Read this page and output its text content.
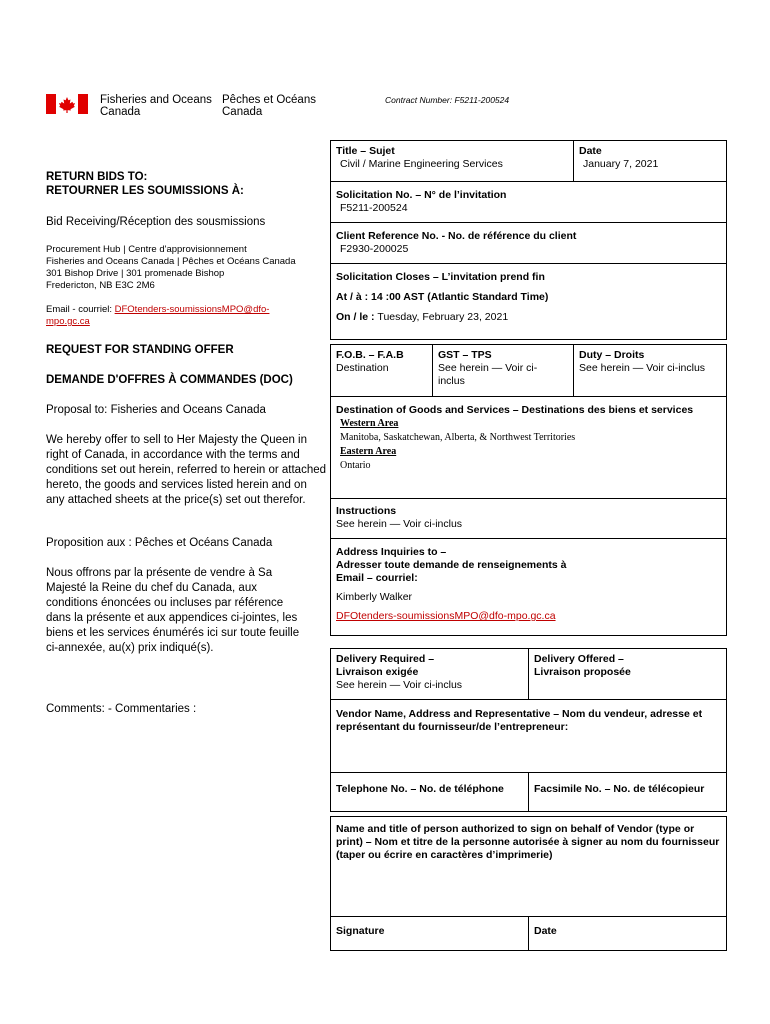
Fisheries and Oceans
Canada
Pêches et Océans
Canada
Contract Number: F5211-200524
RETURN BIDS TO:
RETOURNER LES SOUMISSIONS À:
Bid Receiving/Réception des sousmissions
Procurement Hub | Centre d'approvisionnement
Fisheries and Oceans Canada | Pêches et Océans Canada
301 Bishop Drive | 301 promenade Bishop
Fredericton, NB E3C 2M6
Email - courriel: DFOtenders-soumissionsMPO@dfo-mpo.gc.ca
REQUEST FOR STANDING OFFER
DEMANDE D'OFFRES À COMMANDES (DOC)
Proposal to: Fisheries and Oceans Canada
We hereby offer to sell to Her Majesty the Queen in right of Canada, in accordance with the terms and conditions set out herein, referred to herein or attached hereto, the goods and services listed herein and on any attached sheets at the price(s) set out therefor.
Proposition aux : Pêches et Océans Canada
Nous offrons par la présente de vendre à Sa Majesté la Reine du chef du Canada, aux conditions énoncées ou incluses par référence dans la présente et aux appendices ci-jointes, les biens et les services énumérés ici sur toute feuille ci-annexée, au(x) prix indiqué(s).
Comments: - Commentaries :
Title – Sujet
Civil / Marine Engineering Services
Date
January 7, 2021
Solicitation No. – N° de l’invitation
F5211-200524
Client Reference No. - No. de référence du client
F2930-200025
Solicitation Closes – L’invitation prend fin
At / à : 14 :00 AST (Atlantic Standard Time)
On / le : Tuesday, February 23, 2021
F.O.B. – F.A.B
Destination
GST – TPS
See herein — Voir ci-inclus
Duty – Droits
See herein — Voir ci-inclus
Destination of Goods and Services – Destinations des biens et services
Western Area
Manitoba, Saskatchewan, Alberta, & Northwest Territories
Eastern Area
Ontario
Instructions
See herein — Voir ci-inclus
Address Inquiries to –
Adresser toute demande de renseignements à
Email – courriel:
Kimberly Walker
DFOtenders-soumissionsMPO@dfo-mpo.gc.ca
Delivery Required –
Livraison exigée
See herein — Voir ci-inclus
Delivery Offered –
Livraison proposée
Vendor Name, Address and Representative – Nom du vendeur, adresse et représentant du fournisseur/de l’entrepreneur:
Telephone No. – No. de téléphone	Facsimile No. – No. de télécopieur
Name and title of person authorized to sign on behalf of Vendor (type or print) – Nom et titre de la personne autorisée à signer au nom du fournisseur (taper ou écrire en caractères d’imprimerie)
Signature	Date
